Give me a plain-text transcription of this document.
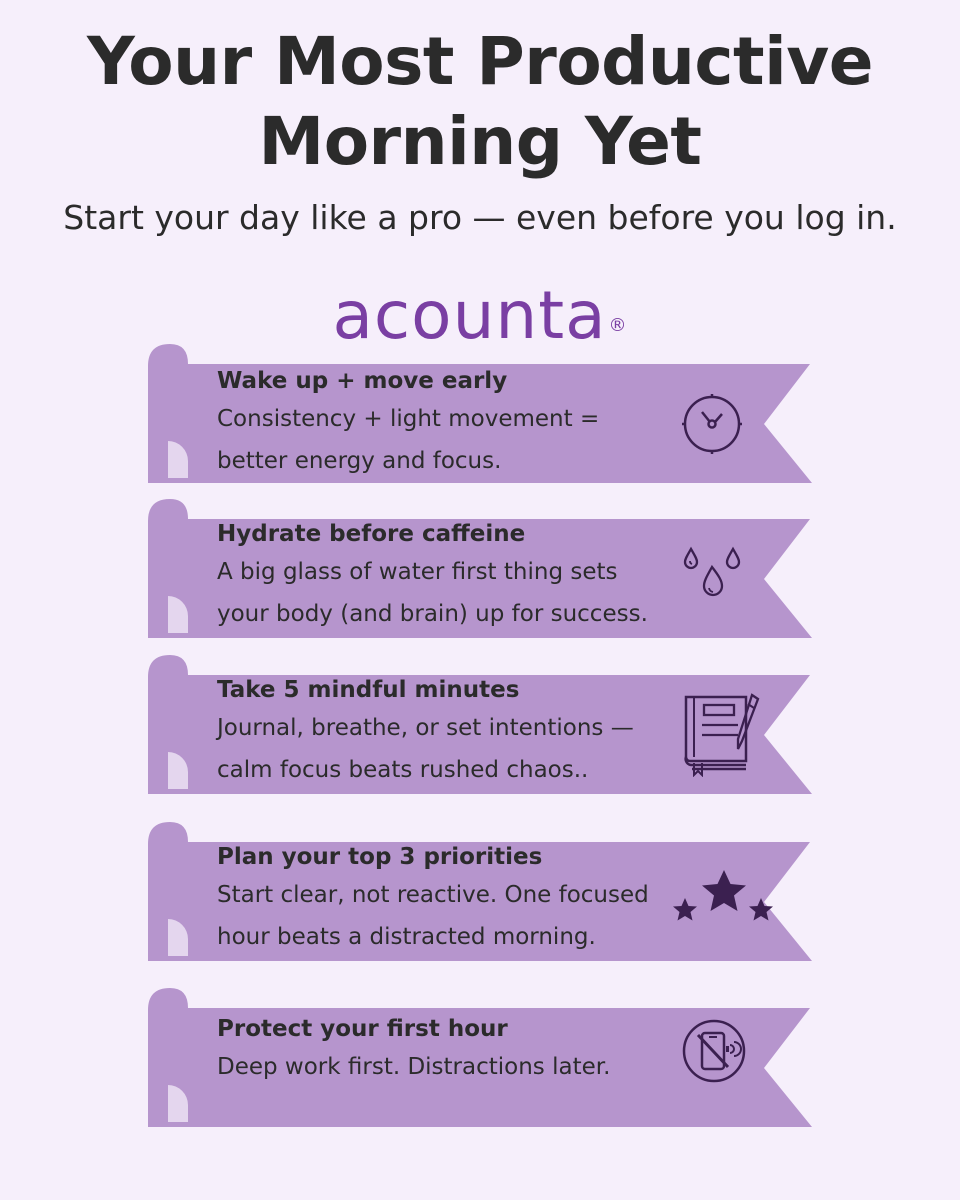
Your Most Productive
Morning Yet
Start your day like a pro — even before you log in.
acounta ®
Wake up + move early
Consistency + light movement =
better energy and focus.
Hydrate before caffeine
A big glass of water first thing sets
your body (and brain) up for success.
Take 5 mindful minutes
Journal, breathe, or set intentions —
calm focus beats rushed chaos..
Plan your top 3 priorities
Start clear, not reactive. One focused
hour beats a distracted morning.
Protect your first hour
Deep work first. Distractions later.
